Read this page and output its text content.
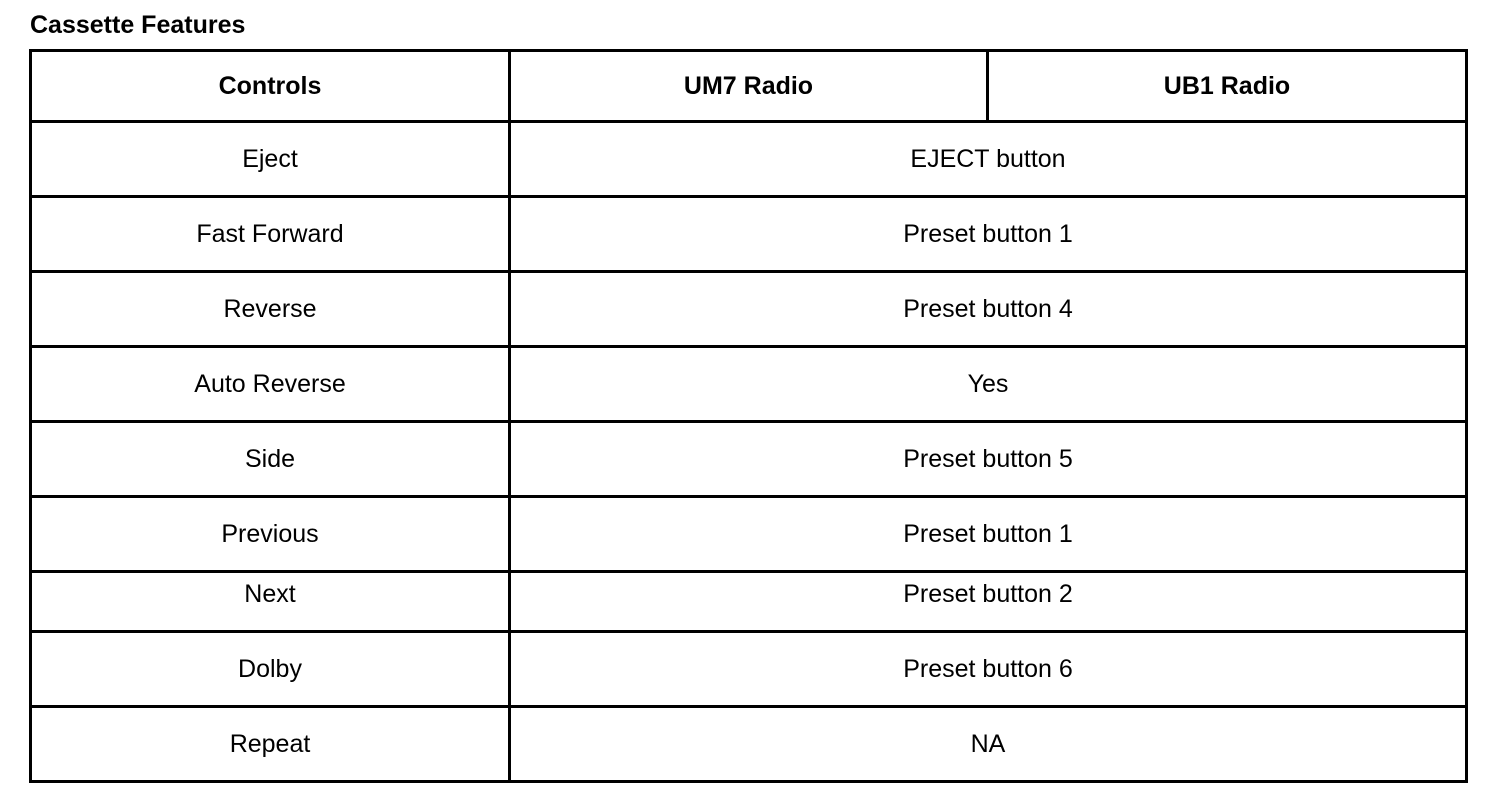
Cassette Features
Controls	UM7 Radio	UB1 Radio
Eject	EJECT button	
Fast Forward	Preset button 1	
Reverse	Preset button 4	
Auto Reverse	Yes	
Side	Preset button 5	
Previous	Preset button 1	
Next	Preset button 2	
Dolby	Preset button 6	
Repeat	NA	
